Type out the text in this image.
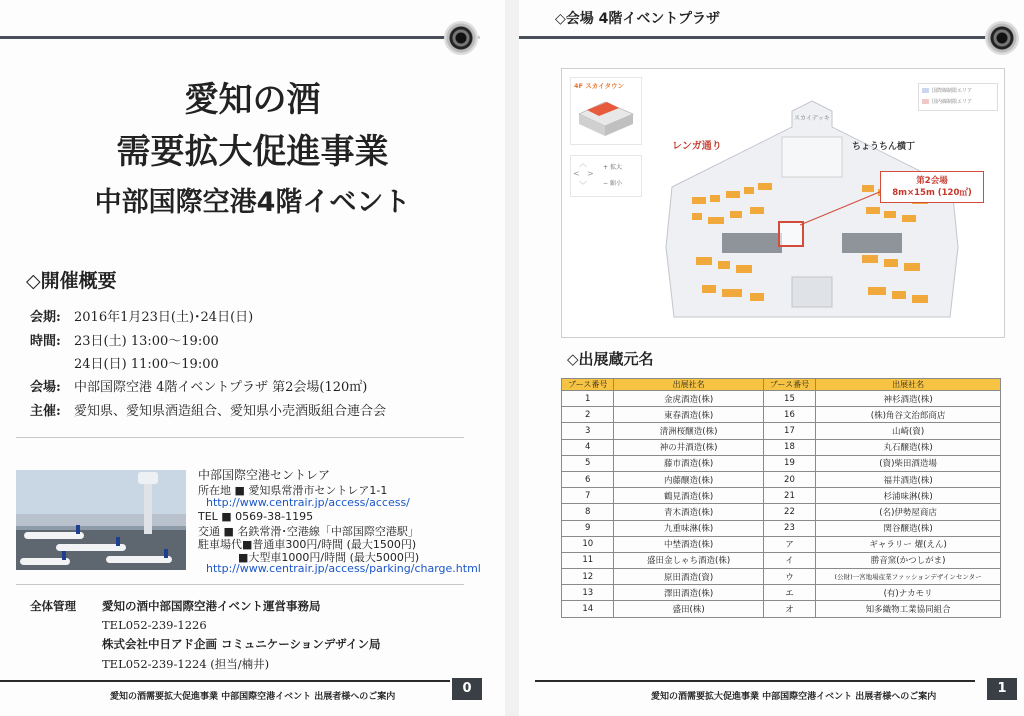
愛知の酒
需要拡大促進事業
中部国際空港4階イベント
◇開催概要
会期: 2016年1月23日(土)･24日(日)
時間: 23日(土) 13:00～19:00
24日(日) 11:00～19:00
会場: 中部国際空港 4階イベントプラザ 第2会場(120㎡)
主催: 愛知県、愛知県酒造組合、愛知県小売酒販組合連合会
中部国際空港セントレア
所在地 ■ 愛知県常滑市セントレア1-1
http://www.centrair.jp/access/access/
TEL ■ 0569-38-1195
交通 ■ 名鉄常滑･空港線「中部国際空港駅」
駐車場代■普通車300円/時間 (最大1500円)
■大型車1000円/時間 (最大5000円)
http://www.centrair.jp/access/parking/charge.html
全体管理 愛知の酒中部国際空港イベント運営事務局
TEL052-239-1226
株式会社中日アド企画 コミュニケーションデザイン局
TEL052-239-1224 (担当/楠井)
愛知の酒需要拡大促進事業 中部国際空港イベント 出展者様へのご案内
0
◇会場 4階イベントプラザ
4F スカイタウン
︿
< >
﹀
+ 拡大
− 縮小
国際線制限エリア
国内線制限エリア
レンガ通り	ちょうちん横丁
スカイデッキ
第2会場
8m×15m (120㎡)
◇出展蔵元名
ブース番号	出展社名	ブース番号	出展社名
1	金虎酒造(株)	15	神杉酒造(株)
2	東春酒造(株)	16	(株)角谷文治郎商店
3	清洲桜醸造(株)	17	山崎(資)
4	神の井酒造(株)	18	丸石醸造(株)
5	藤市酒造(株)	19	(資)柴田酒造場
6	内藤醸造(株)	20	福井酒造(株)
7	鶴見酒造(株)	21	杉浦味淋(株)
8	青木酒造(株)	22	(名)伊勢屋商店
9	九重味淋(株)	23	関谷醸造(株)
10	中埜酒造(株)	ア	ギャラリー 燿(えん)
11	盛田金しゃち酒造(株)	イ	勝音窯(かつしがま)
12	原田酒造(資)	ウ	(公財)一宮地場産業ファッションデザインセンター
13	澤田酒造(株)	エ	(有)ナカモリ
14	盛田(株)	オ	知多織物工業協同組合
愛知の酒需要拡大促進事業 中部国際空港イベント 出展者様へのご案内
1
